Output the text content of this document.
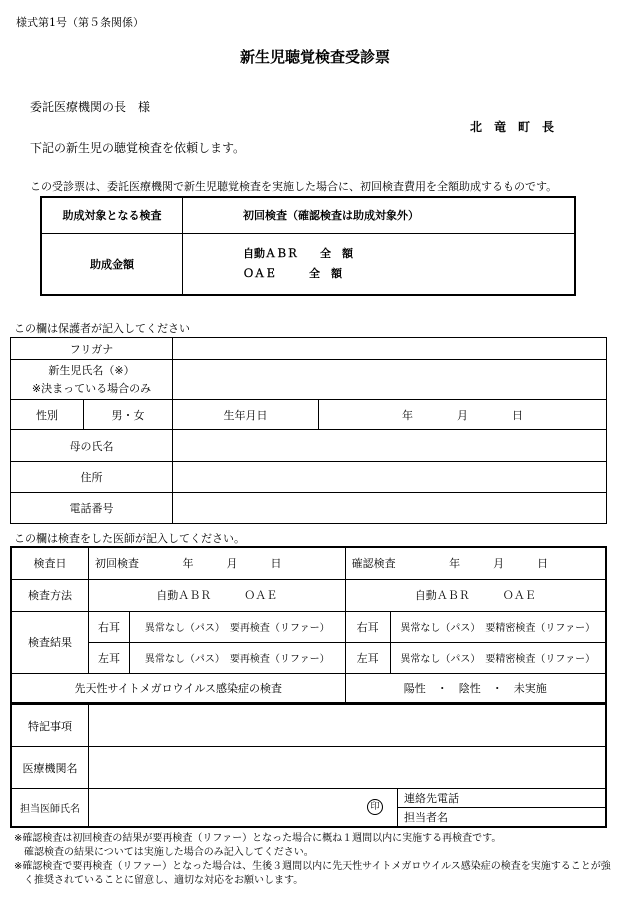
様式第1号（第５条関係）
新生児聴覚検査受診票
委託医療機関の長　様
北　竜　町　長
下記の新生児の聴覚検査を依頼します。
この受診票は、委託医療機関で新生児聴覚検査を実施した場合に、初回検査費用を全額助成するものです。
助成対象となる検査	初回検査（確認検査は助成対象外）
助成金額	自動ＡＢＲ　　全　額
ＯＡＥ　　　全　額
この欄は保護者が記入してください
フリガナ			

新生児氏名（※）
※決まっている場合のみ			

性別	男・女	生年月日	年　　　　月　　　　日
母の氏名			
住所			
電話番号			
この欄は検査をした医師が記入してください。
検査日	初回検査 年　　　月　　　日		確認検査 年　　　月　　　日	
検査方法	自動ＡＢＲ　　　ＯＡＥ		自動ＡＢＲ　　　ＯＡＥ	
検査結果	右耳	異常なし（パス）　要再検査（リファー）	右耳	異常なし（パス）　要精密検査（リファー）
	左耳	異常なし（パス）　要再検査（リファー）	左耳	異常なし（パス）　要精密検査（リファー）
先天性サイトメガロウイルス感染症の検査			陽性　・　陰性　・　未実施	
特記事項		
医療機関名		
担当医師氏名	印	連絡先電話
		担当者名
※確認検査は初回検査の結果が要再検査（リファー）となった場合に概ね１週間以内に実施する再検査です。
　確認検査の結果については実施した場合のみ記入してください。
※確認検査で要再検査（リファー）となった場合は、生後３週間以内に先天性サイトメガロウイルス感染症の検査を実施することが強
　く推奨されていることに留意し、適切な対応をお願いします。
